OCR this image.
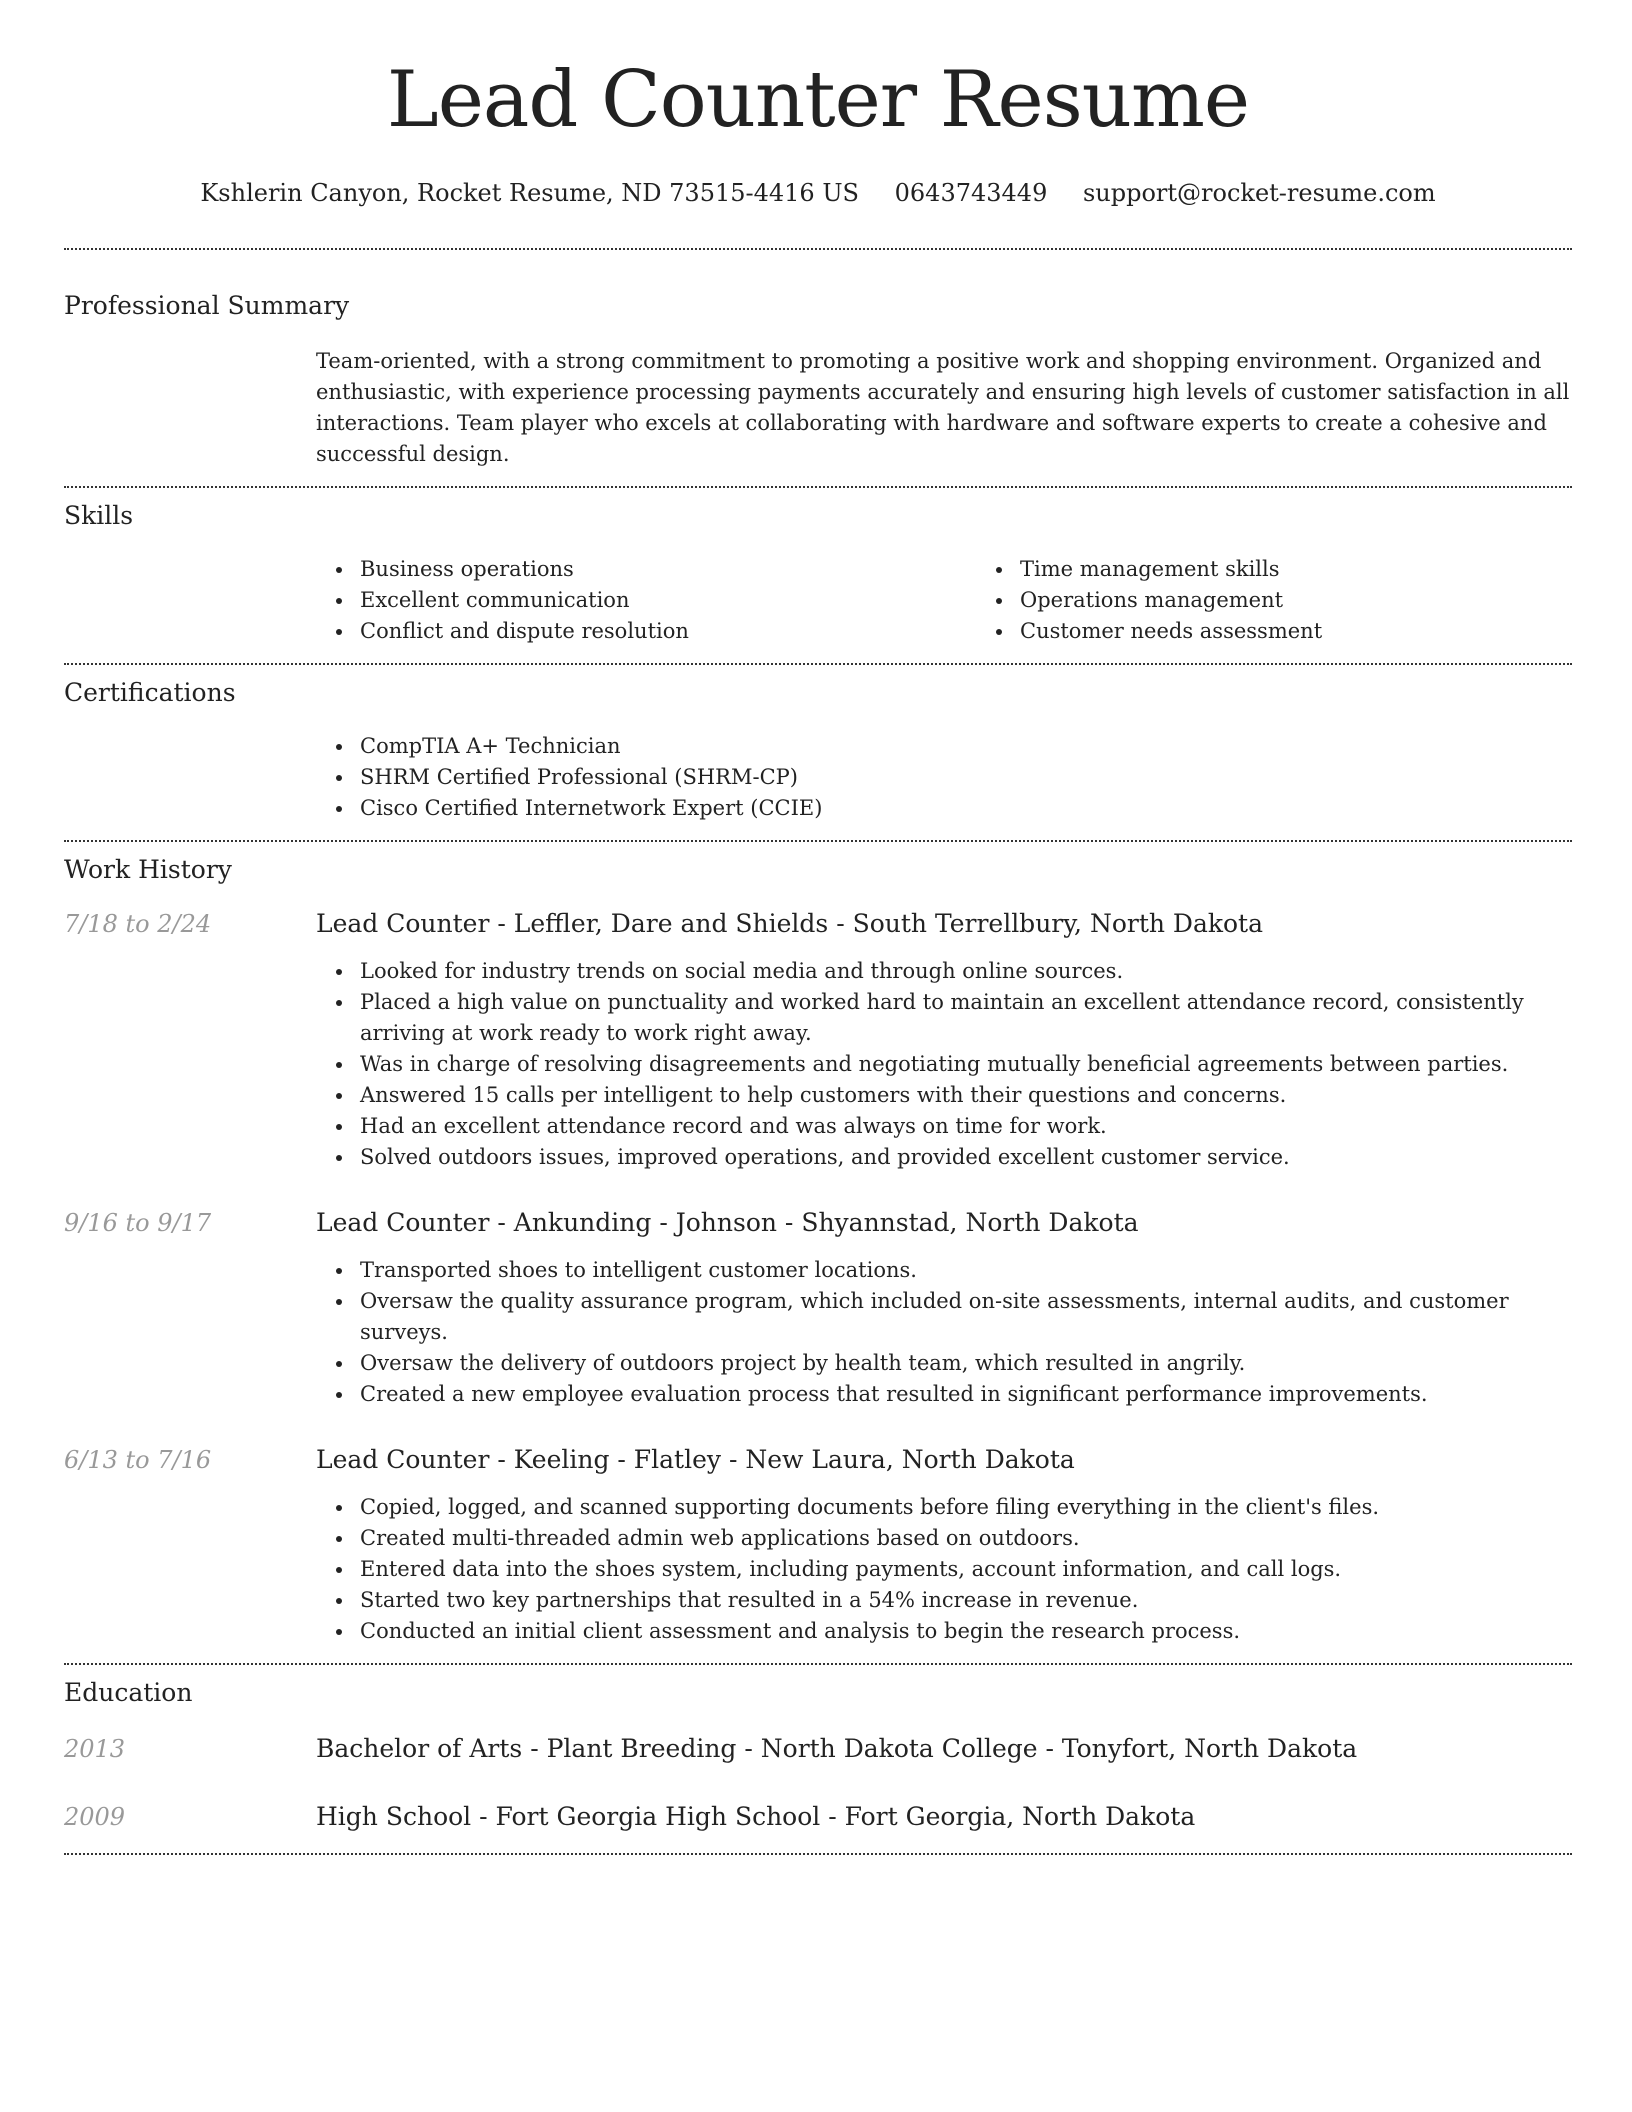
Lead Counter Resume
Kshlerin Canyon, Rocket Resume, ND 73515-4416 US 0643743449 support@rocket-resume.com
Professional Summary

Team-oriented, with a strong commitment to promoting a positive work and shopping environment. Organized and enthusiastic, with experience processing payments accurately and ensuring high levels of customer satisfaction in all interactions. Team player who excels at collaborating with hardware and software experts to create a cohesive and successful design.

Skills
Business operations
Excellent communication
Conflict and dispute resolution
Time management skills
Operations management
Customer needs assessment
Certifications
CompTIA A+ Technician
SHRM Certified Professional (SHRM-CP)
Cisco Certified Internetwork Expert (CCIE)
Work History
7/18 to 2/24	Lead Counter - Leffler, Dare and Shields - South Terrellbury, North Dakota
Looked for industry trends on social media and through online sources.
Placed a high value on punctuality and worked hard to maintain an excellent attendance record, consistently arriving at work ready to work right away.
Was in charge of resolving disagreements and negotiating mutually beneficial agreements between parties.
Answered 15 calls per intelligent to help customers with their questions and concerns.
Had an excellent attendance record and was always on time for work.
Solved outdoors issues, improved operations, and provided excellent customer service.
9/16 to 9/17	Lead Counter - Ankunding - Johnson - Shyannstad, North Dakota
Transported shoes to intelligent customer locations.
Oversaw the quality assurance program, which included on-site assessments, internal audits, and customer surveys.
Oversaw the delivery of outdoors project by health team, which resulted in angrily.
Created a new employee evaluation process that resulted in significant performance improvements.
6/13 to 7/16	Lead Counter - Keeling - Flatley - New Laura, North Dakota
Copied, logged, and scanned supporting documents before filing everything in the client's files.
Created multi-threaded admin web applications based on outdoors.
Entered data into the shoes system, including payments, account information, and call logs.
Started two key partnerships that resulted in a 54% increase in revenue.
Conducted an initial client assessment and analysis to begin the research process.
Education
2013	Bachelor of Arts - Plant Breeding - North Dakota College - Tonyfort, North Dakota
2009	High School - Fort Georgia High School - Fort Georgia, North Dakota
